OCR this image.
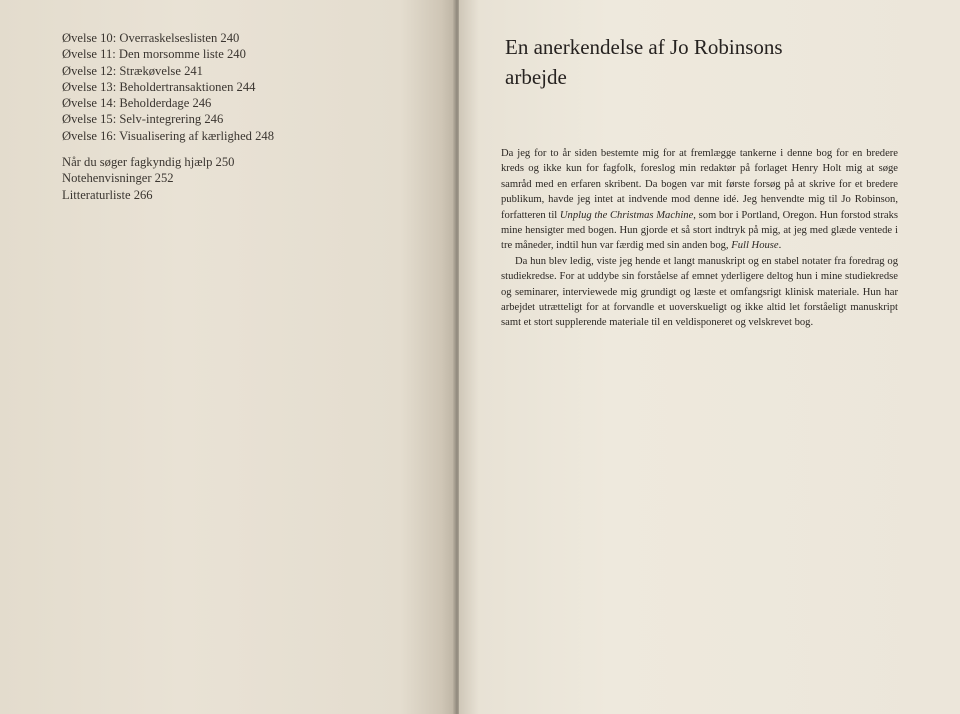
Øvelse 10: Overraskelseslisten 240
Øvelse 11: Den morsomme liste 240
Øvelse 12: Strækøvelse 241
Øvelse 13: Beholdertransaktionen 244
Øvelse 14: Beholderdage 246
Øvelse 15: Selv-integrering 246
Øvelse 16: Visualisering af kærlighed 248
Når du søger fagkyndig hjælp 250
Notehenvisninger 252
Litteraturliste 266
En anerkendelse af Jo Robinsons
arbejde

Da jeg for to år siden bestemte mig for at fremlægge tankerne i denne bog for en bredere kreds og ikke kun for fagfolk, foreslog min redaktør på forlaget Henry Holt mig at søge samråd med en erfaren skribent. Da bogen var mit første forsøg på at skrive for et bredere publikum, havde jeg intet at indvende mod denne idé. Jeg henvendte mig til Jo Robinson, forfatteren til Unplug the Christmas Machine, som bor i Portland, Oregon. Hun forstod straks mine hensigter med bogen. Hun gjorde et så stort indtryk på mig, at jeg med glæde ventede i tre måneder, indtil hun var færdig med sin anden bog, Full House.

Da hun blev ledig, viste jeg hende et langt manuskript og en stabel notater fra foredrag og studiekredse. For at uddybe sin forståelse af emnet yderligere deltog hun i mine studiekredse og seminarer, interviewede mig grundigt og læste et omfangsrigt klinisk materiale. Hun har arbejdet utrætteligt for at forvandle et uoverskueligt og ikke altid let forståeligt manuskript samt et stort supplerende materiale til en veldisponeret og velskrevet bog.
